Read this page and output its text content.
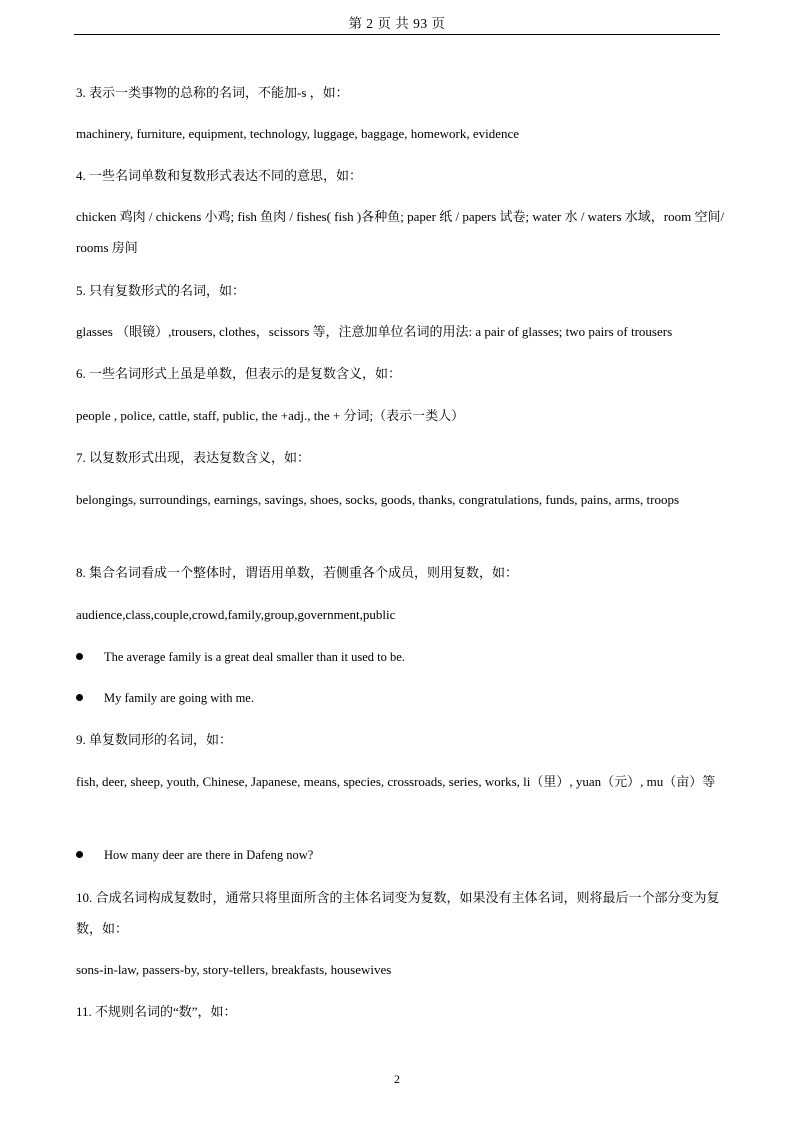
第 2 页 共 93 页
3. 表示一类事物的总称的名词，不能加-s ，如：
machinery, furniture, equipment, technology, luggage, baggage, homework, evidence
4. 一些名词单数和复数形式表达不同的意思，如：
chicken 鸡肉 / chickens 小鸡; fish 鱼肉 / fishes( fish )各种鱼; paper 纸 / papers 试卷; water 水 / waters 水域，room 空间/ rooms 房间
5. 只有复数形式的名词，如：
glasses （眼镜）,trousers, clothes，scissors 等，注意加单位名词的用法: a pair of glasses; two pairs of trousers
6. 一些名词形式上虽是单数，但表示的是复数含义，如：
people , police, cattle, staff, public, the +adj., the + 分词;（表示一类人）
7. 以复数形式出现，表达复数含义，如：
belongings, surroundings, earnings, savings, shoes, socks, goods, thanks, congratulations, funds, pains, arms, troops
8. 集合名词看成一个整体时，谓语用单数，若侧重各个成员，则用复数，如：
audience,class,couple,crowd,family,group,government,public
The average family is a great deal smaller than it used to be.
My family are going with me.
9. 单复数同形的名词，如：
fish, deer, sheep, youth, Chinese, Japanese, means, species, crossroads, series, works, li（里）, yuan（元）, mu（亩）等
How many deer are there in Dafeng now?
10. 合成名词构成复数时，通常只将里面所含的主体名词变为复数，如果没有主体名词，则将最后一个部分变为复数，如：
sons-in-law, passers-by, story-tellers, breakfasts, housewives
11. 不规则名词的“数”，如：
2
